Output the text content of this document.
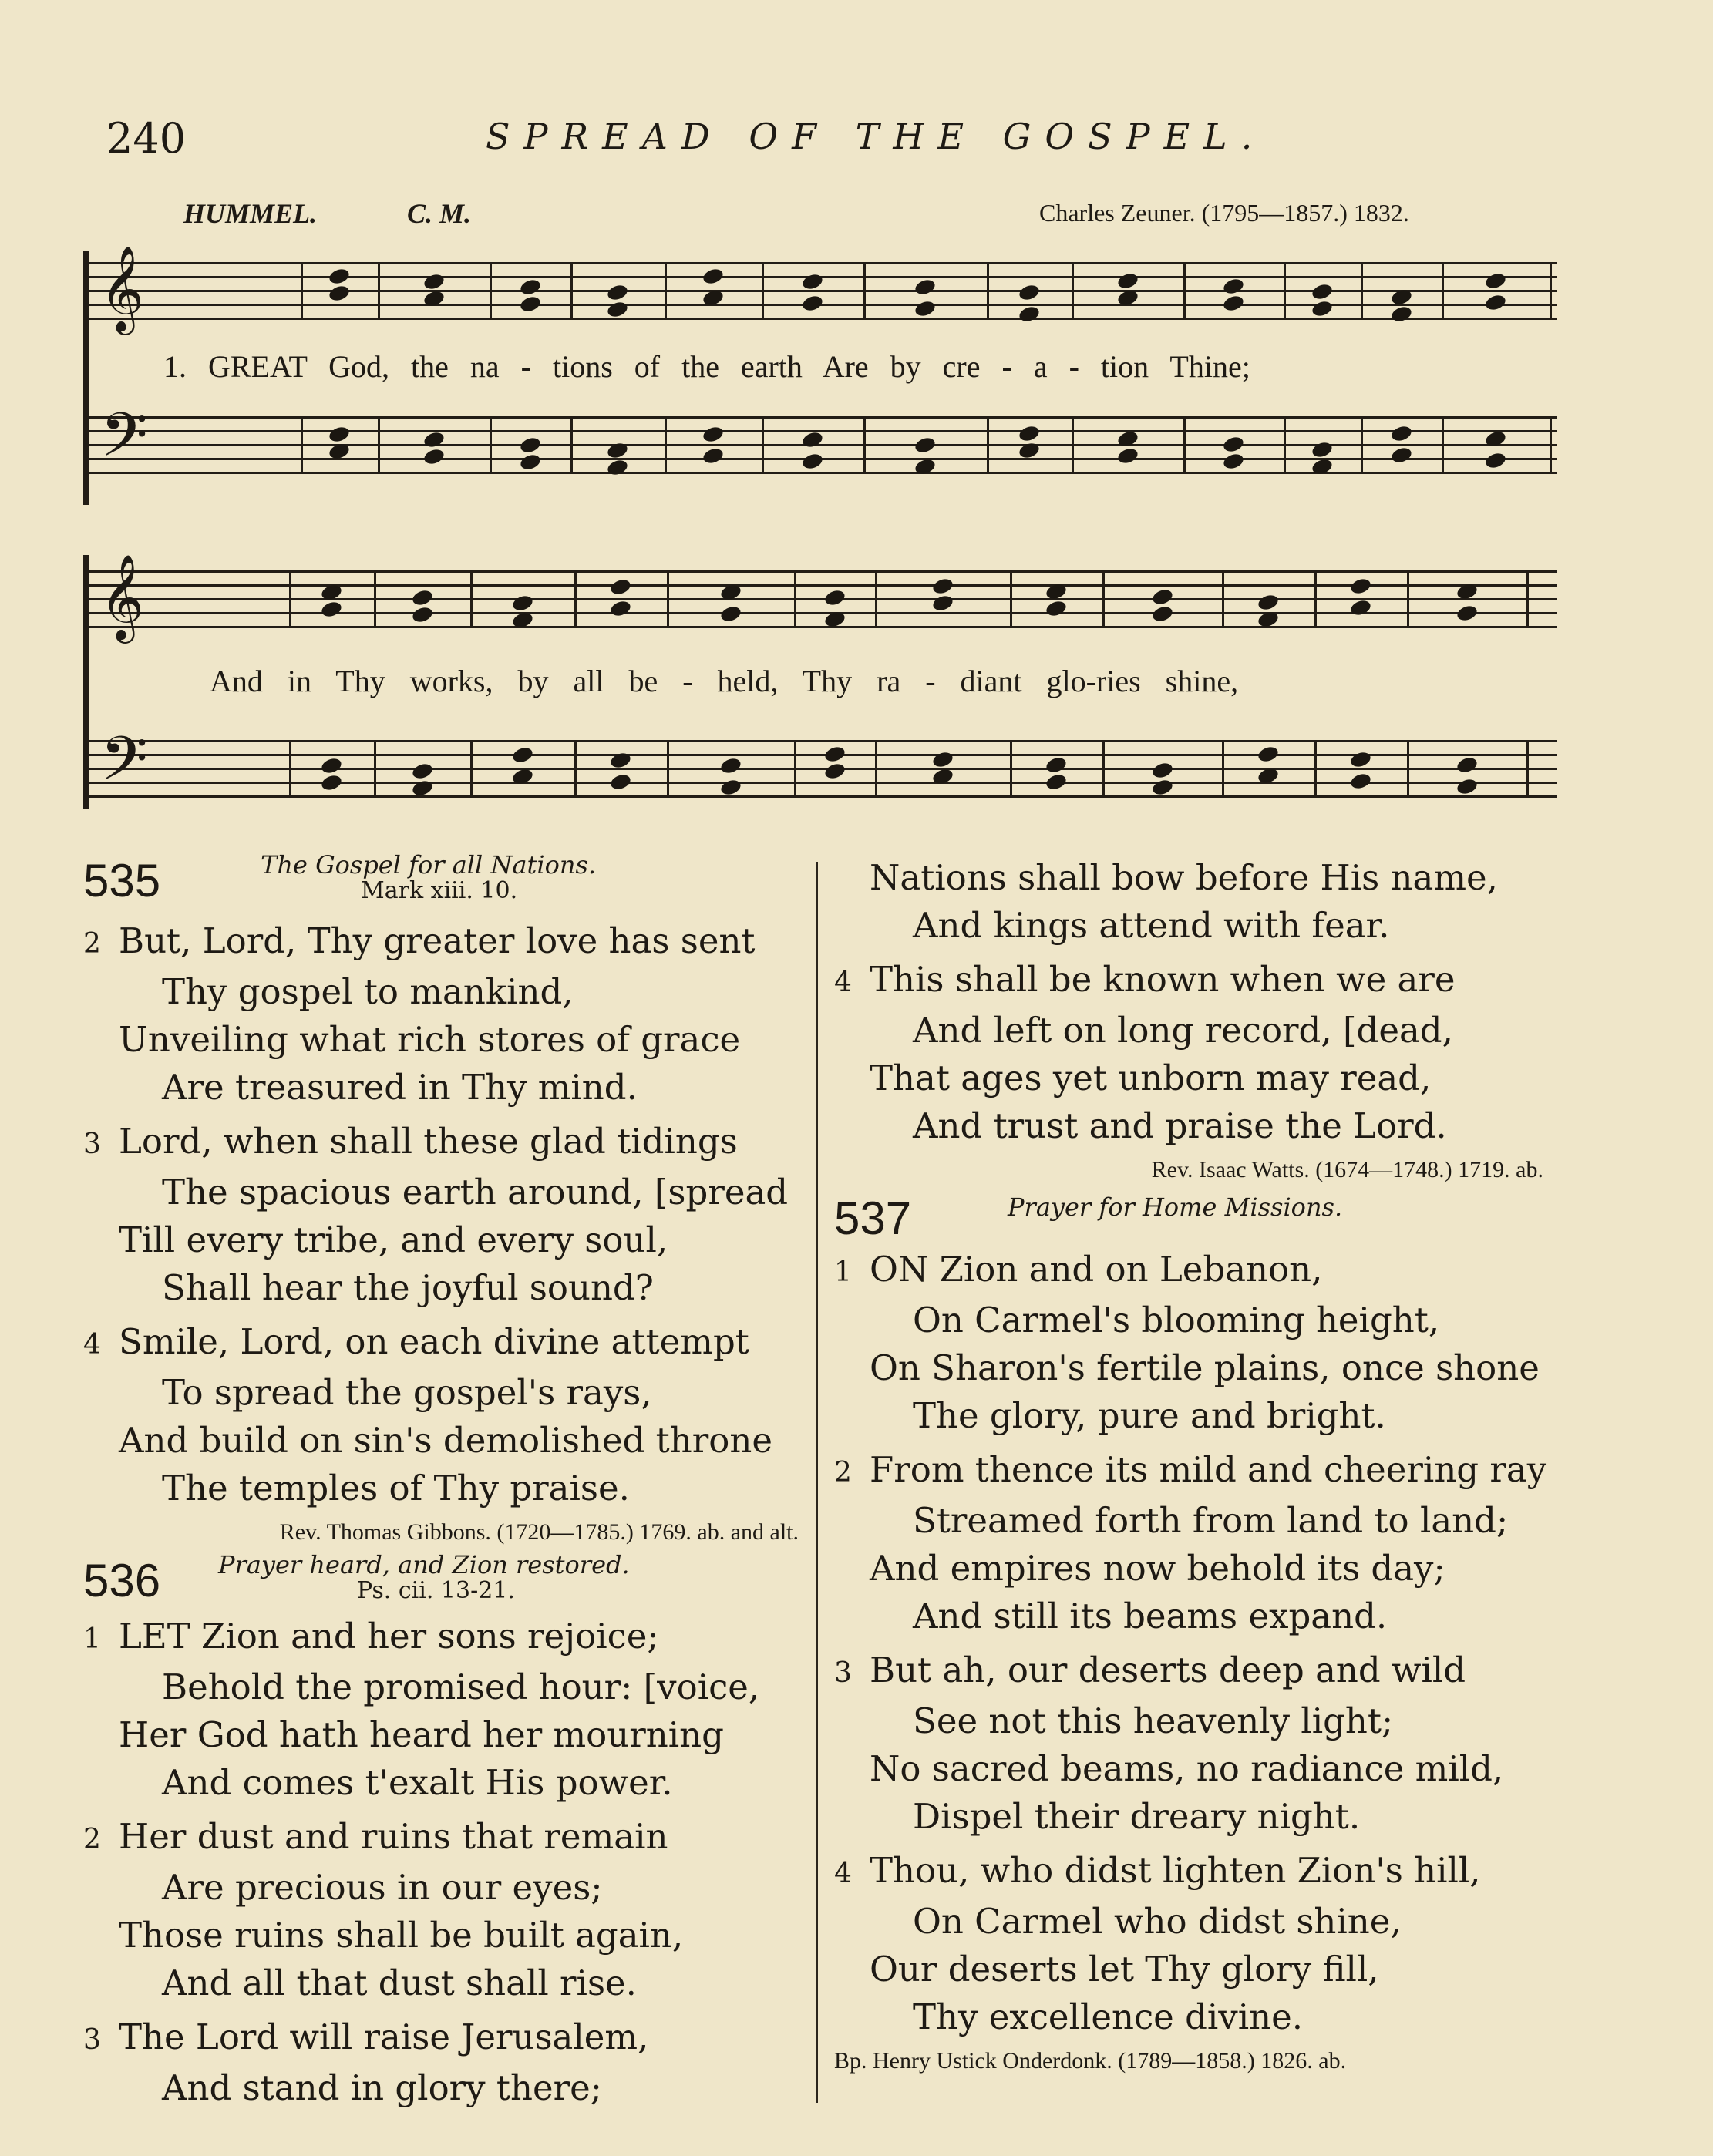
240	SPREAD OF THE GOSPEL.
HUMMEL.	C. M.	Charles Zeuner. (1795—1857.) 1832.
𝄞
𝄢
1. GREAT God, the na - tions of the earth Are by cre - a - tion Thine;
𝄞
𝄢
And in Thy works, by all be - held, Thy ra - diant glo-ries shine,
535	The Gospel for all Nations.
Mark xiii. 10.
2 But, Lord, Thy greater love has sent
Thy gospel to mankind,
Unveiling what rich stores of grace
Are treasured in Thy mind.
3 Lord, when shall these glad tidings
The spacious earth around, [spread
Till every tribe, and every soul,
Shall hear the joyful sound?
4 Smile, Lord, on each divine attempt
To spread the gospel's rays,
And build on sin's demolished throne
The temples of Thy praise.
Rev. Thomas Gibbons. (1720—1785.) 1769. ab. and alt.
536 Prayer heard, and Zion restored.
Ps. cii. 13-21.
1 LET Zion and her sons rejoice;
Behold the promised hour: [voice,
Her God hath heard her mourning
And comes t'exalt His power.
2 Her dust and ruins that remain
Are precious in our eyes;
Those ruins shall be built again,
And all that dust shall rise.
3 The Lord will raise Jerusalem,
And stand in glory there;
Nations shall bow before His name,
And kings attend with fear.
4 This shall be known when we are
And left on long record, [dead,
That ages yet unborn may read,
And trust and praise the Lord.
Rev. Isaac Watts. (1674—1748.) 1719. ab.
537	Prayer for Home Missions.
1 ON Zion and on Lebanon,
On Carmel's blooming height,
On Sharon's fertile plains, once shone
The glory, pure and bright.
2 From thence its mild and cheering ray
Streamed forth from land to land;
And empires now behold its day;
And still its beams expand.
3 But ah, our deserts deep and wild
See not this heavenly light;
No sacred beams, no radiance mild,
Dispel their dreary night.
4 Thou, who didst lighten Zion's hill,
On Carmel who didst shine,
Our deserts let Thy glory fill,
Thy excellence divine.
Bp. Henry Ustick Onderdonk. (1789—1858.) 1826. ab.
